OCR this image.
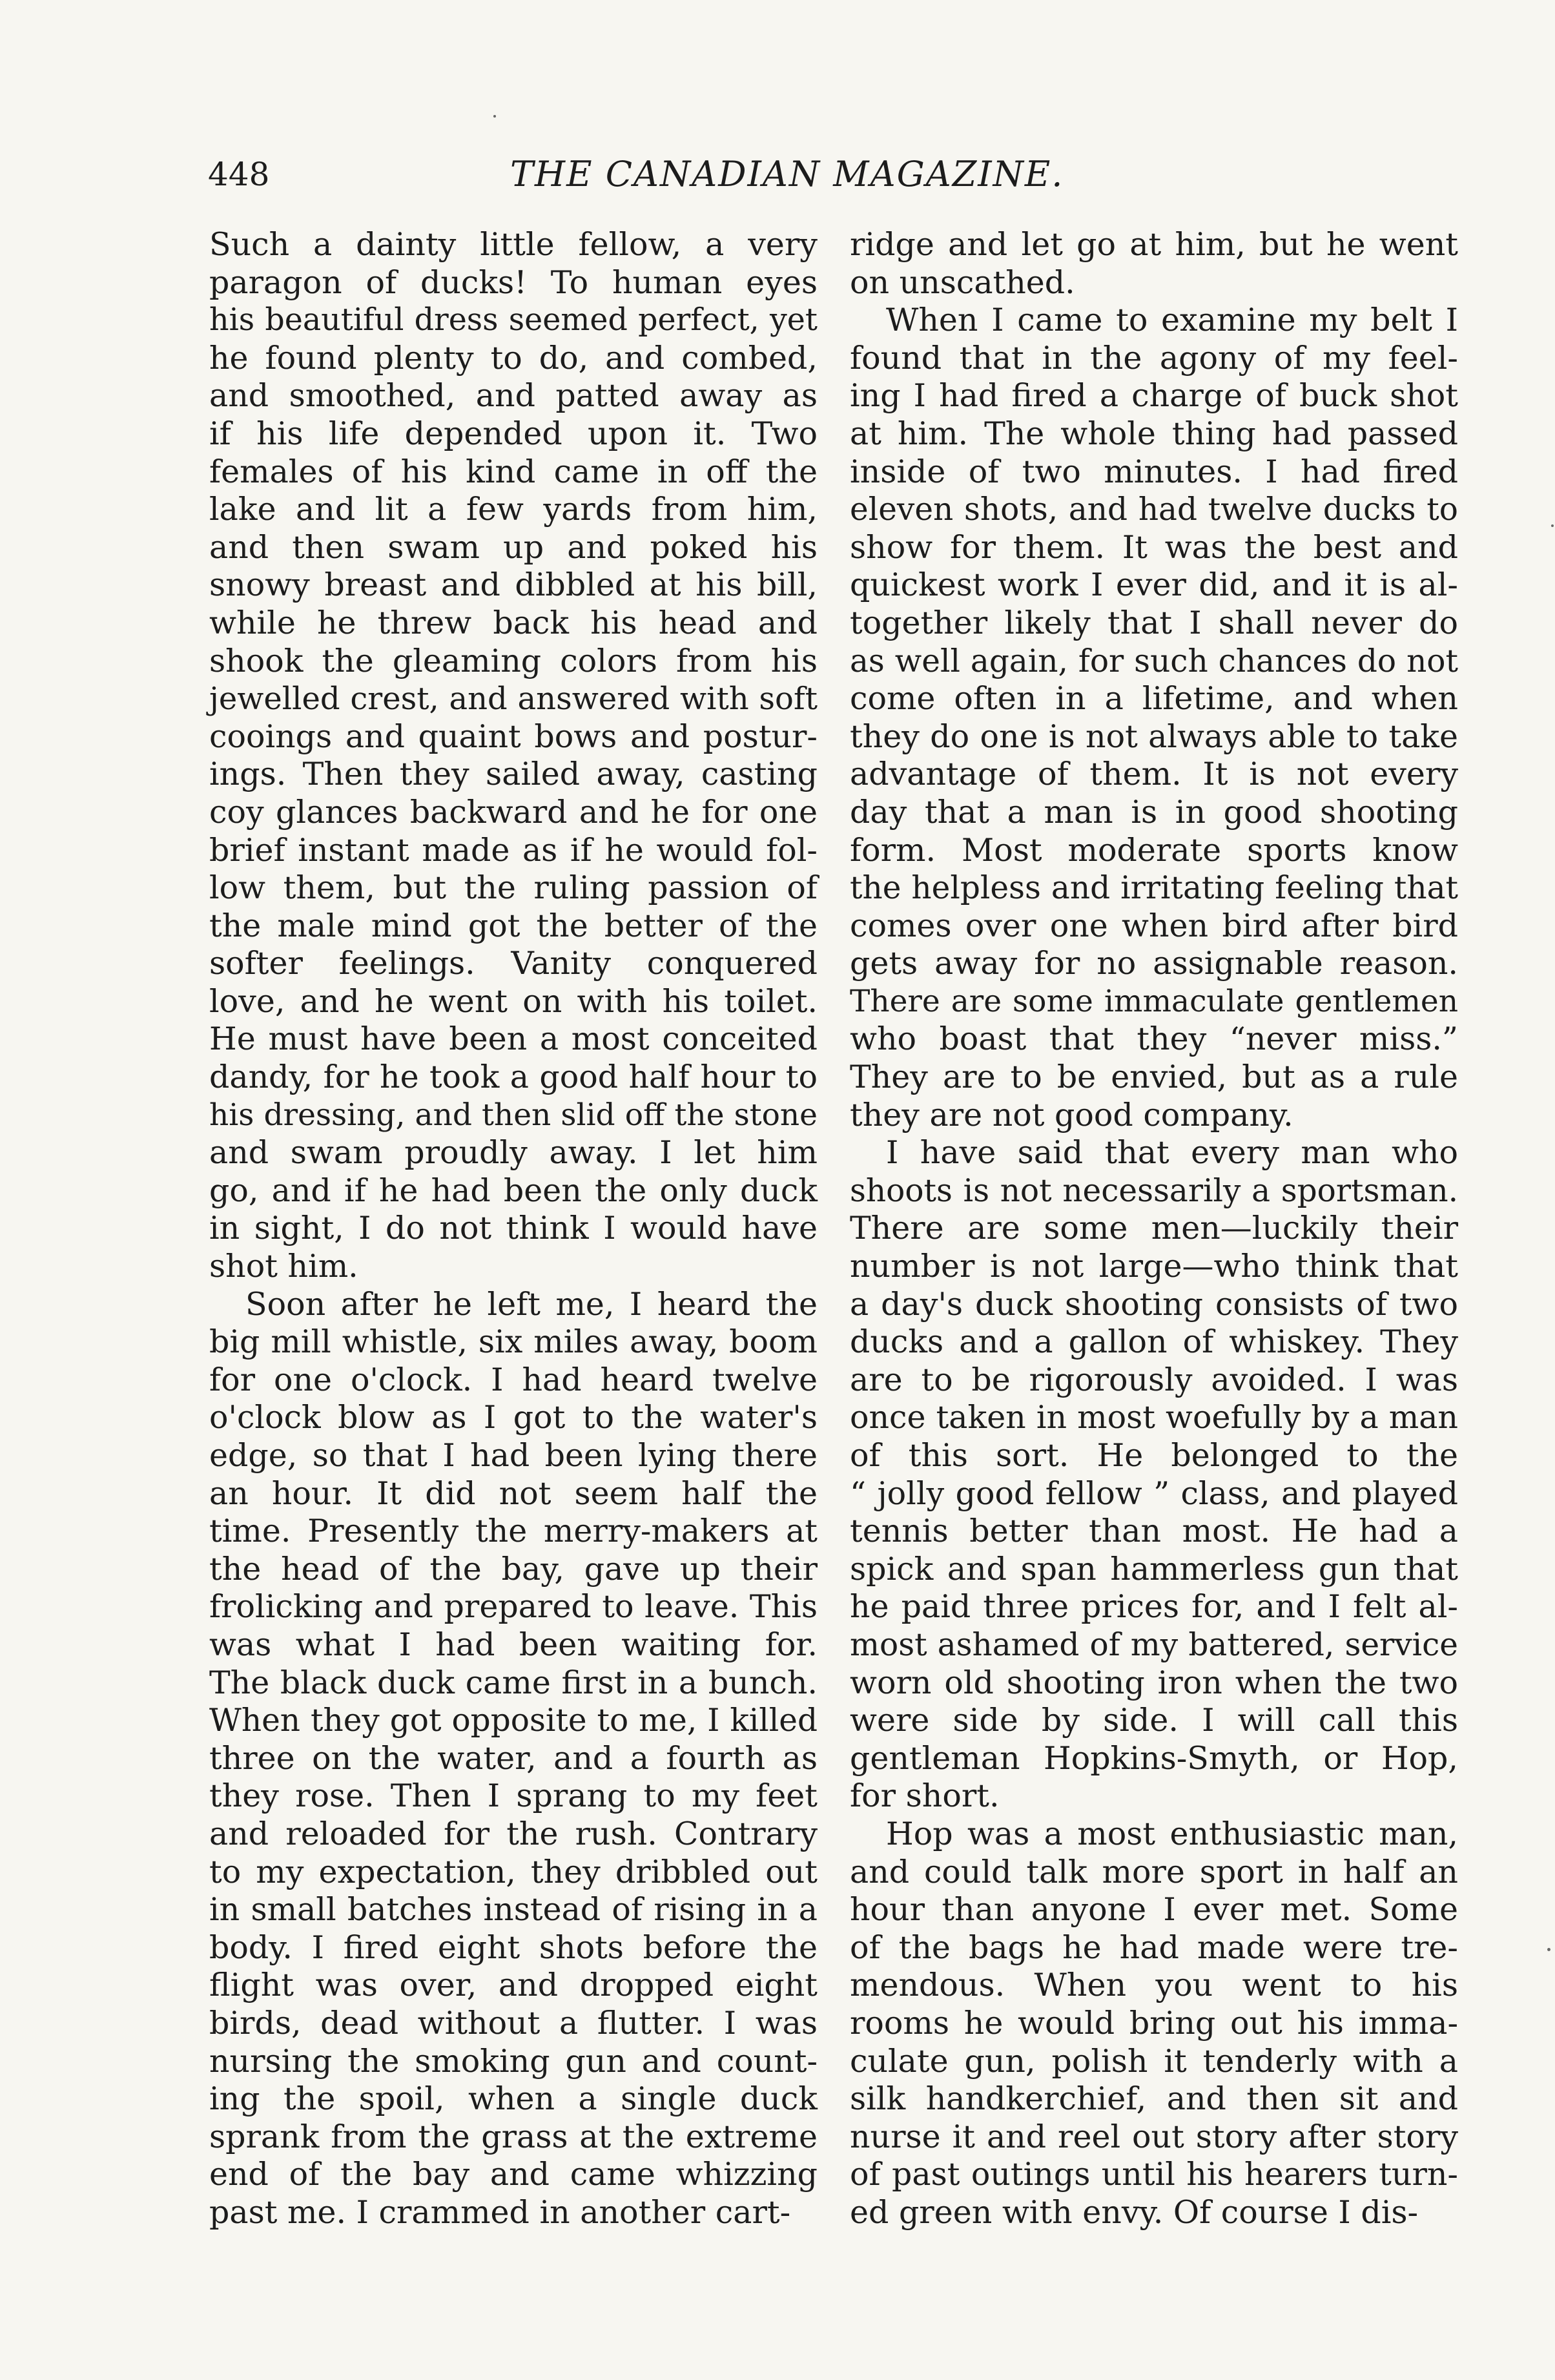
448	THE CANADIAN MAGAZINE.
Such a dainty little fellow, a very
paragon of ducks! To human eyes
his beautiful dress seemed perfect, yet
he found plenty to do, and combed,
and smoothed, and patted away as
if his life depended upon it. Two
females of his kind came in off the
lake and lit a few yards from him,
and then swam up and poked his
snowy breast and dibbled at his bill,
while he threw back his head and
shook the gleaming colors from his
jewelled crest, and answered with soft
cooings and quaint bows and postur-
ings. Then they sailed away, casting
coy glances backward and he for one
brief instant made as if he would fol-
low them, but the ruling passion of
the male mind got the better of the
softer feelings. Vanity conquered
love, and he went on with his toilet.
He must have been a most conceited
dandy, for he took a good half hour to
his dressing, and then slid off the stone
and swam proudly away. I let him
go, and if he had been the only duck
in sight, I do not think I would have
shot him.
Soon after he left me, I heard the
big mill whistle, six miles away, boom
for one o'clock. I had heard twelve
o'clock blow as I got to the water's
edge, so that I had been lying there
an hour. It did not seem half the
time. Presently the merry-makers at
the head of the bay, gave up their
frolicking and prepared to leave. This
was what I had been waiting for.
The black duck came first in a bunch.
When they got opposite to me, I killed
three on the water, and a fourth as
they rose. Then I sprang to my feet
and reloaded for the rush. Contrary
to my expectation, they dribbled out
in small batches instead of rising in a
body. I fired eight shots before the
flight was over, and dropped eight
birds, dead without a flutter. I was
nursing the smoking gun and count-
ing the spoil, when a single duck
sprank from the grass at the extreme
end of the bay and came whizzing
past me. I crammed in another cart-
ridge and let go at him, but he went
on unscathed.
When I came to examine my belt I
found that in the agony of my feel-
ing I had fired a charge of buck shot
at him. The whole thing had passed
inside of two minutes. I had fired
eleven shots, and had twelve ducks to
show for them. It was the best and
quickest work I ever did, and it is al-
together likely that I shall never do
as well again, for such chances do not
come often in a lifetime, and when
they do one is not always able to take
advantage of them. It is not every
day that a man is in good shooting
form. Most moderate sports know
the helpless and irritating feeling that
comes over one when bird after bird
gets away for no assignable reason.
There are some immaculate gentlemen
who boast that they “never miss.”
They are to be envied, but as a rule
they are not good company.
I have said that every man who
shoots is not necessarily a sportsman.
There are some men—luckily their
number is not large—who think that
a day's duck shooting consists of two
ducks and a gallon of whiskey. They
are to be rigorously avoided. I was
once taken in most woefully by a man
of this sort. He belonged to the
“ jolly good fellow ” class, and played
tennis better than most. He had a
spick and span hammerless gun that
he paid three prices for, and I felt al-
most ashamed of my battered, service
worn old shooting iron when the two
were side by side. I will call this
gentleman Hopkins-Smyth, or Hop,
for short.
Hop was a most enthusiastic man,
and could talk more sport in half an
hour than anyone I ever met. Some
of the bags he had made were tre-
mendous. When you went to his
rooms he would bring out his imma-
culate gun, polish it tenderly with a
silk handkerchief, and then sit and
nurse it and reel out story after story
of past outings until his hearers turn-
ed green with envy. Of course I dis-
